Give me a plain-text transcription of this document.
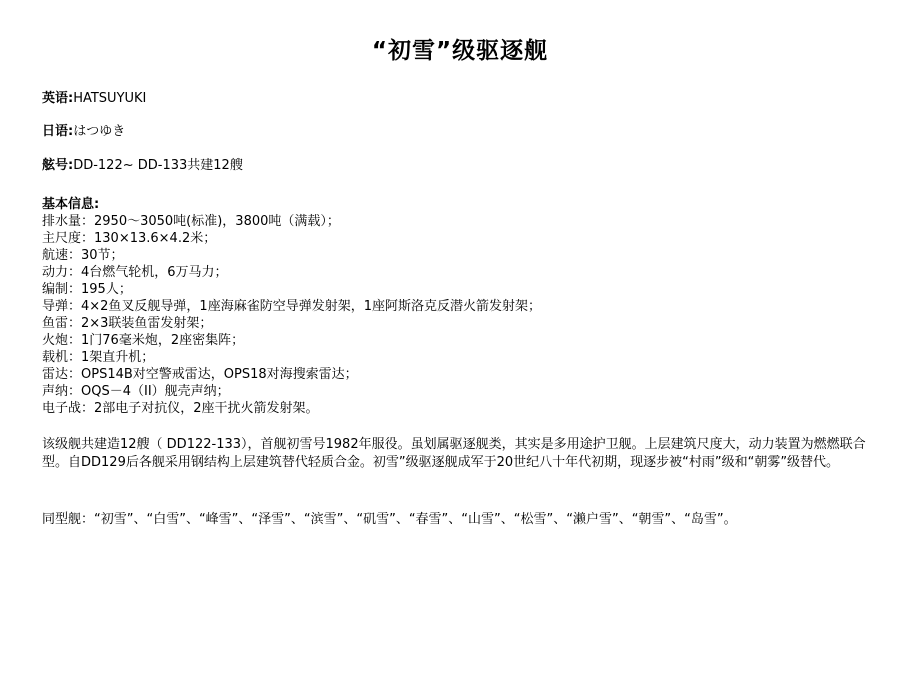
“初雪”级驱逐舰
英语:HATSUYUKI
日语:はつゆき
舷号:DD-122~ DD-133共建12艘
基本信息:
排水量：2950～3050吨(标准)，3800吨（满载）；
主尺度：130×13.6×4.2米；
航速：30节；
动力：4台燃气轮机，6万马力；
编制：195人；
导弹：4×2鱼叉反舰导弹，1座海麻雀防空导弹发射架，1座阿斯洛克反潜火箭发射架；
鱼雷：2×3联装鱼雷发射架；
火炮：1门76毫米炮，2座密集阵；
载机：1架直升机；
雷达：OPS14B对空警戒雷达，OPS18对海搜索雷达；
声纳：OQS－4（II）舰壳声纳；
电子战：2部电子对抗仪，2座干扰火箭发射架。
该级舰共建造12艘（ DD122-133），首舰初雪号1982年服役。虽划属驱逐舰类，其实是多用途护卫舰。上层建筑尺度大，动力装置为燃燃联合型。自DD129后各舰采用钢结构上层建筑替代轻质合金。初雪”级驱逐舰成军于20世纪八十年代初期，现逐步被“村雨”级和“朝雾”级替代。
同型舰：“初雪”、“白雪”、“峰雪”、“泽雪”、“滨雪”、“矶雪”、“春雪”、“山雪”、“松雪”、“濑户雪”、“朝雪”、“岛雪”。
